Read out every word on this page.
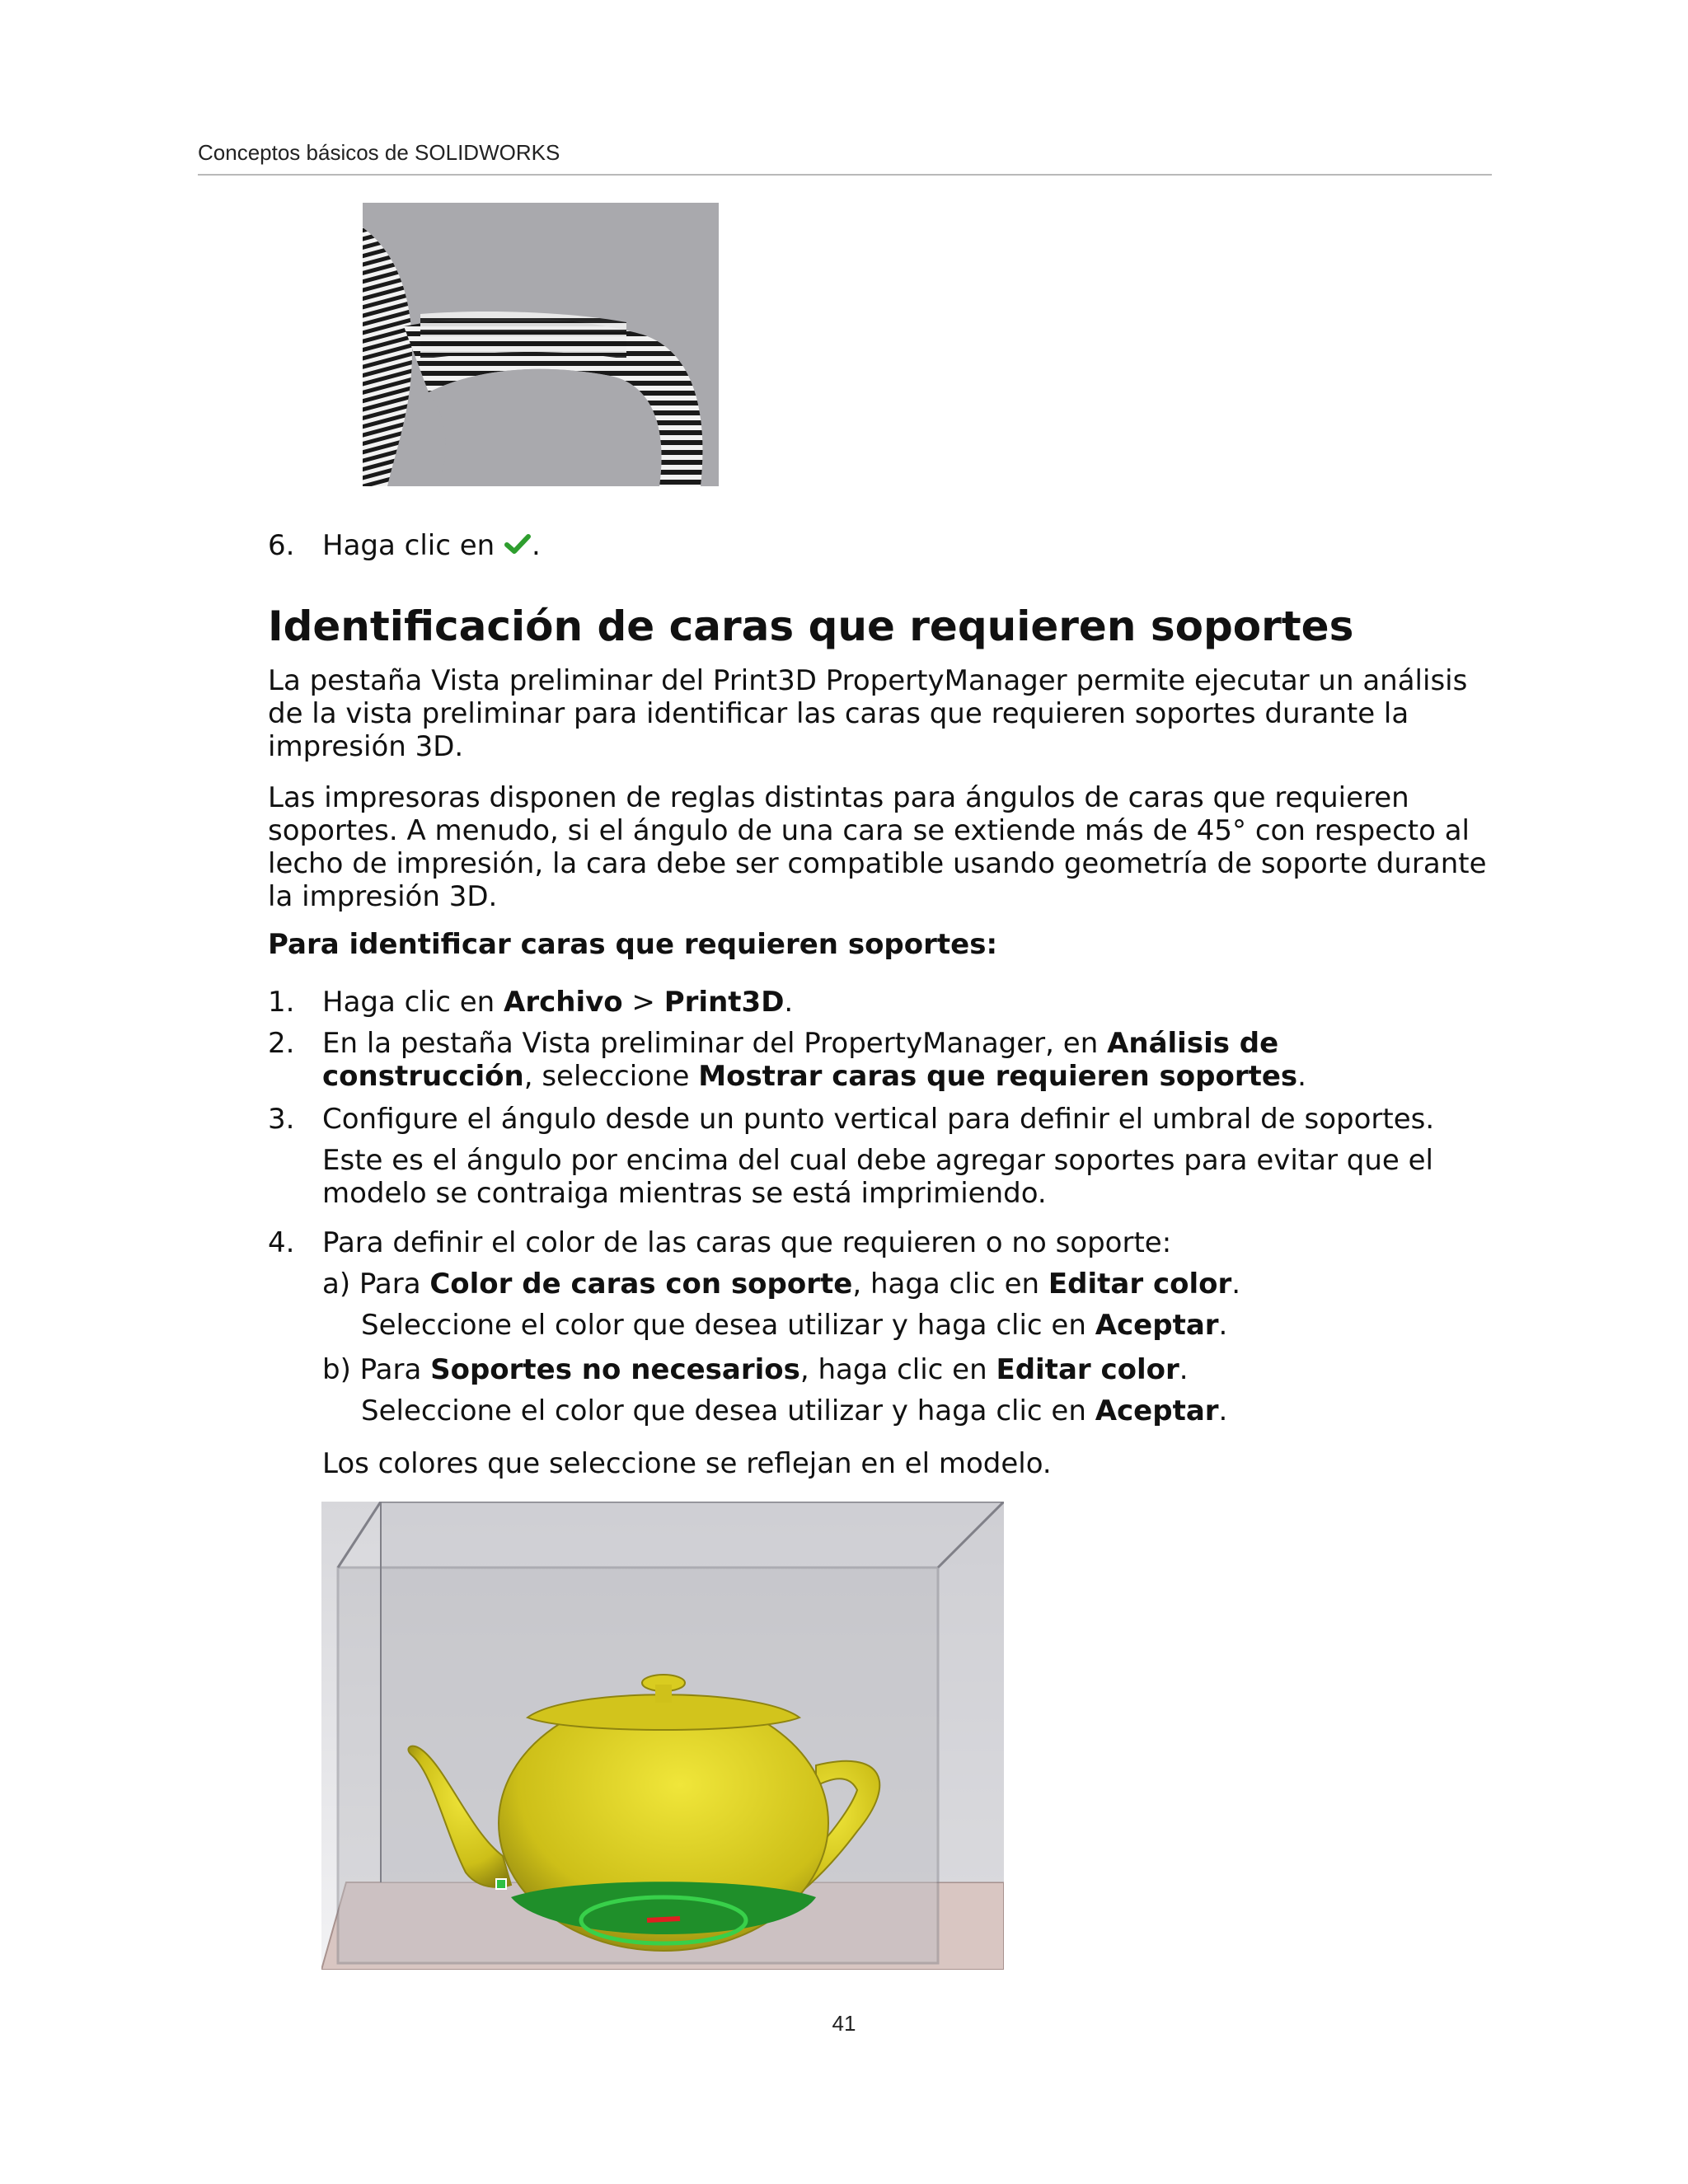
Conceptos básicos de SOLIDWORKS
6. Haga clic en .
Identificación de caras que requieren soportes
La pestaña Vista preliminar del Print3D PropertyManager permite ejecutar un análisis de la vista preliminar para identificar las caras que requieren soportes durante la impresión 3D.
Las impresoras disponen de reglas distintas para ángulos de caras que requieren soportes. A menudo, si el ángulo de una cara se extiende más de 45° con respecto al lecho de impresión, la cara debe ser compatible usando geometría de soporte durante la impresión 3D.
Para identificar caras que requieren soportes:
1. Haga clic en Archivo > Print3D.
2. En la pestaña Vista preliminar del PropertyManager, en Análisis de construcción, seleccione Mostrar caras que requieren soportes.
3. Configure el ángulo desde un punto vertical para definir el umbral de soportes.
Este es el ángulo por encima del cual debe agregar soportes para evitar que el modelo se contraiga mientras se está imprimiendo.
4. Para definir el color de las caras que requieren o no soporte:
a) Para Color de caras con soporte, haga clic en Editar color.
Seleccione el color que desea utilizar y haga clic en Aceptar.
b) Para Soportes no necesarios, haga clic en Editar color.
Seleccione el color que desea utilizar y haga clic en Aceptar.
Los colores que seleccione se reflejan en el modelo.
41
